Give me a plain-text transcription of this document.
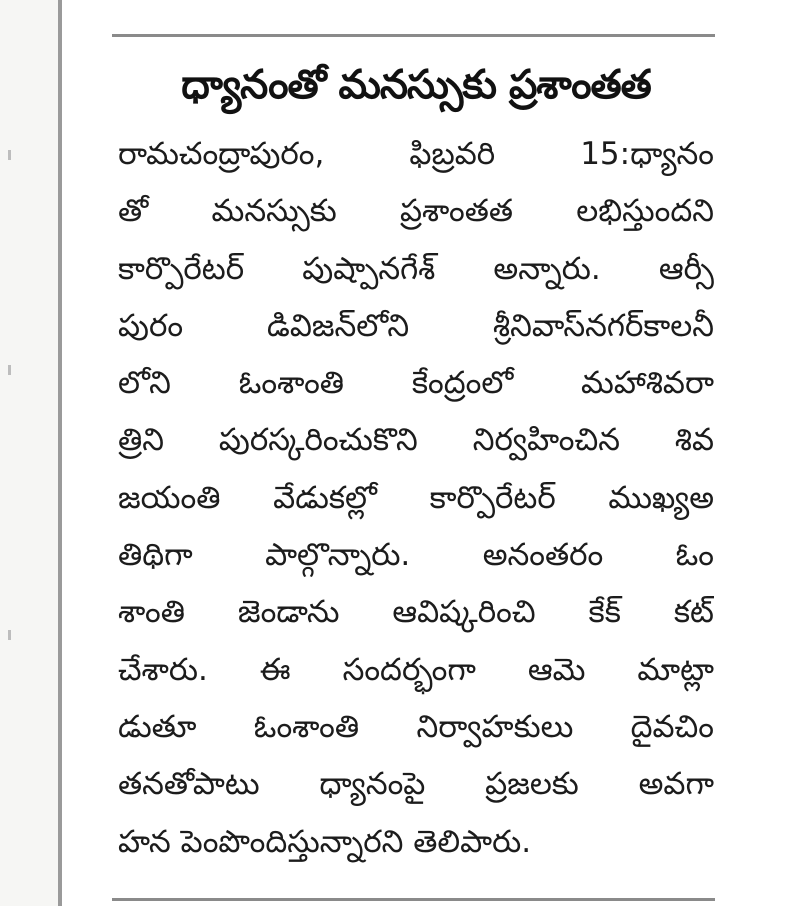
ధ్యానంతో మనస్సుకు ప్రశాంతత
రామచంద్రాపురం, ఫిబ్రవరి 15:ధ్యానం
తో మనస్సుకు ప్రశాంతత లభిస్తుందని
కార్పొరేటర్ పుష్పానగేశ్ అన్నారు. ఆర్సీ
పురం డివిజన్‌లోని శ్రీనివాస్‌నగర్‌కాలనీ
లోని ఓంశాంతి కేంద్రంలో మహాశివరా
త్రిని పురస్కరించుకొని నిర్వహించిన శివ
జయంతి వేడుకల్లో కార్పొరేటర్ ముఖ్యఅ
తిథిగా పాల్గొన్నారు. అనంతరం ఓం
శాంతి జెండాను ఆవిష్కరించి కేక్ కట్
చేశారు. ఈ సందర్భంగా ఆమె మాట్లా
డుతూ ఓంశాంతి నిర్వాహకులు దైవచిం
తనతోపాటు ధ్యానంపై ప్రజలకు అవగా
హన పెంపొందిస్తున్నారని తెలిపారు.
